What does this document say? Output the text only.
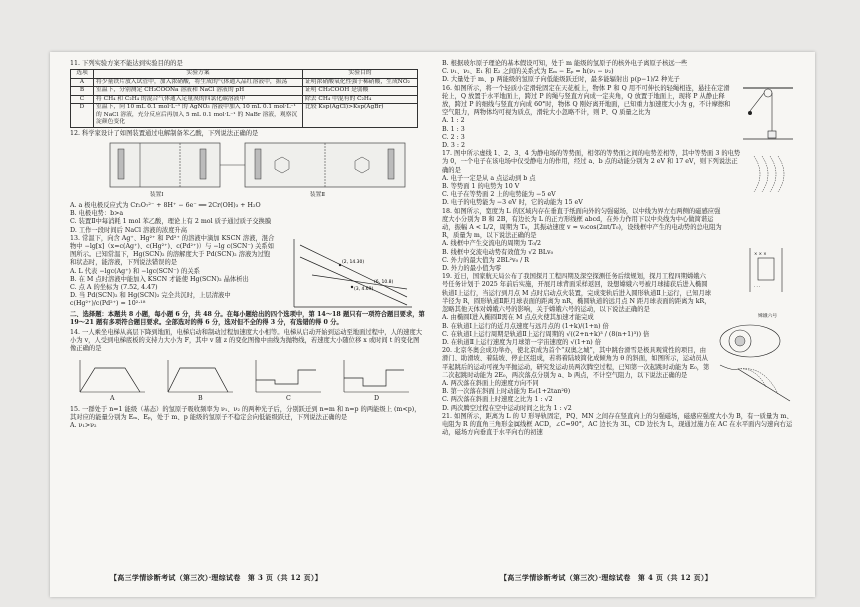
11. 下列实验方案不能达到实验目的的是

选项	实验方案	实验目的
A	将少量铁片放入试管中，加入浓硝酸，将生成的气体通入品红溶液中，振荡	证明浓硝酸氧化性强于稀硝酸，生成NO₂
B	室温下，分别测定 CH₃COONa 溶液和 NaCl 溶液的 pH	证明 CH₃COOH 是弱酸
C	将 CH₄ 和 C₂H₄ 的混合气体通入足量溴的四氯化碳溶液中	除去 CH₄ 中混有的 C₂H₄
D	室温下，向 10 mL 0.1 mol·L⁻¹ 的 AgNO₃ 溶液中加入 10 mL 0.1 mol·L⁻¹ 的 NaCl 溶液，充分反应后再加入 5 mL 0.1 mol·L⁻¹ 的 NaBr 溶液，观察沉淀颜色变化	比较 Ksp(AgCl)>Ksp(AgBr)

12. 科学家设计了如图装置通过电解制备苯乙酸，下列说法正确的是

装置Ⅰ	装置Ⅱ

A. a 极电极反应式为 Cr₂O₇²⁻ + 8H⁺ − 6e⁻ ══ 2Cr(OH)₃ + H₂O

B. 电极电势：b>a

C. 装置Ⅱ中每消耗 1 mol 苯乙酸，理论上有 2 mol 质子通过质子交换膜

D. 工作一段时间后 NaCl 溶液的浓度升高

13. 常温下，向含 Ag⁺、Hg²⁺ 和 Pd²⁺ 的溶液中滴加 KSCN 溶液，混合物中 −lg[x]（x=c(Ag⁺)、c(Hg²⁺)、c(Pd²⁺)）与 −lg c(SCN⁻) 关系如图所示。已知常温下，Hg(SCN)₂ 的溶解度大于 Pd(SCN)₂ 溶液为过饱和状态时，能溶液，下列说法错误的是

A. L 代表 −lgc(Ag⁺) 和 −lgc(SCN⁻) 的关系

B. 在 M 点时溶液中能加入 KSCN 才能使 Hg(SCN)₂ 晶体析出

C. 点 A 的坐标为 (7.52, 4.47)

D. 当 Pd(SCN)₂ 和 Hg(SCN)₂ 完全共沉时，上层清液中 c(Hg²⁺)/c(Pd²⁺) = 10²·¹⁸

(2, 14.30)
(3, 4.69)
(6, 10.8)

二、选择题：本题共 8 小题，每小题 6 分，共 48 分。在每小题给出的四个选项中，第 14～18 题只有一项符合题目要求，第 19～21 题有多项符合题目要求。全部选对的得 6 分，选对但不全的得 3 分，有选错的得 0 分。

14. 一人乘坐电梯从高层下降到地面，电梯启动和制动过程加速度大小相等。电梯从启动开始到运动至地面过程中，人的速度大小为 v，人受到电梯底板的支持力大小为 F，其中 v 随 z 的变化图像中由线为抛物线，若速度大小随位移 x 或时间 t 的变化图像正确的是

A	B	C	D

15. 一群处于 n=1 能级（基态）的氢原子吸收频率为 ν₁、ν₂ 的两种光子后，分别跃迁到 n=m 和 n=p 的两能级上 (m<p)，其对应的能量分别为 Eₘ、Eₚ，处于 m、p 能级的氢原子不稳定会向低能级跃迁，下列说法正确的是

A. ν₁>ν₂

B. 根据玻尔原子理论的基本假设可知，处于 m 能级的氢原子的核外电子离原子核远一些

C. ν₁、ν₂、E₁ 和 E₂ 之间的关系式为 Eₘ − Eₚ = h(ν₁ − ν₂)

D. 大量处于 m、p 两能级的氢原子向低能级跃迁时，最多能辐射出 p(p−1)/2 种光子

16. 如图所示，将一个轻质小定滑轮固定在天花板上，物体 P 和 Q 用不可伸长的轻绳相连，悬挂在定滑轮上，Q 放置于水平地面上，跨过 P 的绳与竖直方向成一定夹角，Q 放置于地面上，现将 P 从静止释放，跨过 P 的细线与竖直方向成 60°时，物体 Q 刚好离开地面，已知重力加速度大小为 g，不计摩擦和空气阻力，两物体均可视为质点，滑轮大小忽略不计，则 P、Q 质量之比为

A. 1 : 2

B. 1 : 3

C. 2 : 3

D. 3 : 2

17. 图中所示虚线 1、2、3、4 为静电场的等势面，相邻的等势面之间的电势差相等，其中等势面 3 的电势为 0，一个电子在该电场中仅受静电力的作用，经过 a、b 点的动能分别为 2 eV 和 17 eV，则下列说法正确的是

A. 电子一定是从 a 点运动到 b 点

B. 等势面 1 的电势为 10 V

C. 电子在等势面 2 上的电势能为 −5 eV

D. 电子的电势能为 −3 eV 时，它的动能为 15 eV

18. 如图所示，宽度为 L 的区域内存在垂直于纸面向外的匀强磁场，以中线为界左右两侧的磁感应强度大小分别为 B 和 2B，有边长为 L 的正方形线框 abcd，在外力作用下以中央线为中心做简谐运动，振幅 A < L/2，周期为 T₀，其振动速度 v = v₀cos(2πt/T₀)，设线框中产生的电动势的总电阻为 R，质量为 m，以下说法正确的是

A. 线框中产生交流电的周期为 T₀/2

B. 线框中交流电动势有效值为 √2 BLv₀

C. 外力的最大值为 2BL²v₀ / R

D. 外力的最小值为零

× × ×
· · ·

19. 近日，国家航天局公布了我国探月工程四期及深空探测任务后续规划，探月工程四期嫦娥六号任务计划于 2025 年前后实施，开展月球背面采样返回，设想嫦娥六号被月球捕获后进入椭圆轨道Ⅰ上运行，当运行到月点 M 点时启动点火装置，完成变轨后进入圆形轨道Ⅱ上运行，已知月球半径为 R，圆形轨道Ⅱ距月球表面的距离为 nR，椭圆轨道的远月点 N 距月球表面的距离为 kR，忽略其他天体对嫦娥六号的影响，关于嫦娥六号的运动，以下说法正确的是

A. 由椭圆Ⅰ进入椭圆Ⅱ需在 M 点点火使其加速才能完成

B. 在轨道Ⅰ上运行的近月点速度与远月点的 (1+k)/(1+n) 倍

C. 在轨道Ⅰ上运行周期是轨道Ⅱ上运行周期的 √((2+n+k)³ / (8(n+1)³)) 倍

D. 在轨道Ⅱ上运行速度为月球第一宇宙速度的 √(1+n) 倍

嫦娥六号

20. 北京冬奥会成功举办，使北京成为首个“双奥之城”，其中跳台滑雪是极具观赏性的项目，由滑门、助滑坡、着陆坡、停止区组成，若将着陆坡简化成倾角为 θ 的斜面，如图所示，运动员从平起跳后的运动可视为平抛运动，研究发运动员两次腾空过程，已知第一次起跳时动能为 E₀，第二次起跳时动能为 2E₀，两次落点分别为 a、b 两点，不计空气阻力，以下说法正确的是

A. 两次落在斜面上的速度方向不同

B. 第一次落在斜面上时动能为 E₀(1+2tan²θ)

C. 两次落在斜面上时速度之比为 1 : √2

D. 两次腾空过程在空中运动时间之比为 1 : √2

21. 如图所示，距离为 L 的 U 形导轨固定，PQ、MN 之间存在竖直向上的匀强磁场，磁感应强度大小为 B，有一质量为 m、电阻为 R 的直角三角形金属线框 ACD，∠C=90°，AC 边长为 3L，CD 边长为 L，现通过施力在 AC 在水平面内匀速向右运动，磁场方向垂直于水平向右的初速

【高三学情诊断考试（第三次）·理综试卷　第 3 页（共 12 页）】	【高三学情诊断考试（第三次）·理综试卷　第 4 页（共 12 页）】
